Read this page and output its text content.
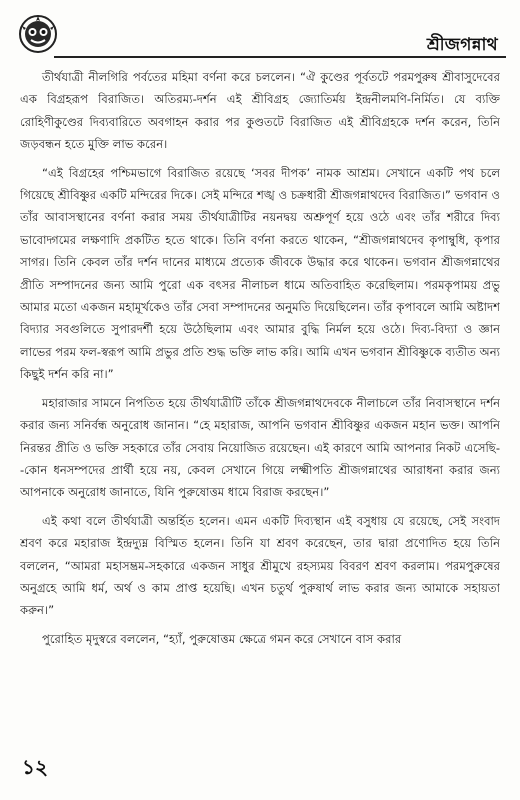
শ্রীজগন্নাথ

তীর্থযাত্রী নীলগিরি পর্বতের মহিমা বর্ণনা করে চললেন। “ঐ কুণ্ডের পূর্বতটে পরমপুরুষ শ্রীবাসুদেবের এক বিগ্রহরূপ বিরাজিত। অতিরম্য-দর্শন এই শ্রীবিগ্রহ জ্যোতির্ময় ইন্দ্রনীলমণি-নির্মিত। যে ব্যক্তি রোহিণীকুণ্ডের দিব্যবারিতে অবগাহন করার পর কুণ্ডতটে বিরাজিত এই শ্রীবিগ্রহকে দর্শন করেন, তিনি জড়বন্ধন হতে মুক্তি লাভ করেন।

“এই বিগ্রহের পশ্চিমভাগে বিরাজিত রয়েছে ‘সবর দীপক’ নামক আশ্রম। সেখানে একটি পথ চলে গিয়েছে শ্রীবিষ্ণুর একটি মন্দিরের দিকে। সেই মন্দিরে শঙ্খ ও চক্রধারী শ্রীজগন্নাথদেব বিরাজিত।” ভগবান ও তাঁর আবাসস্থানের বর্ণনা করার সময় তীর্থযাত্রীটির নয়নদ্বয় অশ্রুপূর্ণ হয়ে ওঠে এবং তাঁর শরীরে দিব্য ভাবোদ্গমের লক্ষণাদি প্রকটিত হতে থাকে। তিনি বর্ণনা করতে থাকেন, “শ্রীজগন্নাথদেব কৃপাম্বুধি, কৃপার সাগর। তিনি কেবল তাঁর দর্শন দানের মাধ্যমে প্রত্যেক জীবকে উদ্ধার করে থাকেন। ভগবান শ্রীজগন্নাথের প্রীতি সম্পাদনের জন্য আমি পুরো এক বৎসর নীলাচল ধামে অতিবাহিত করেছিলাম। পরমকৃপাময় প্রভু আমার মতো একজন মহামূর্খকেও তাঁর সেবা সম্পাদনের অনুমতি দিয়েছিলেন। তাঁর কৃপাবলে আমি অষ্টাদশ বিদ্যার সবগুলিতে সুপারদর্শী হয়ে উঠেছিলাম এবং আমার বুদ্ধি নির্মল হয়ে ওঠে। দিব্য-বিদ্যা ও জ্ঞান লাভের পরম ফল-স্বরূপ আমি প্রভুর প্রতি শুদ্ধ ভক্তি লাভ করি। আমি এখন ভগবান শ্রীবিষ্ণুকে ব্যতীত অন্য কিছুই দর্শন করি না।”

মহারাজার সামনে নিপতিত হয়ে তীর্থযাত্রীটি তাঁকে শ্রীজগন্নাথদেবকে নীলাচলে তাঁর নিবাসস্থানে দর্শন করার জন্য সনির্বন্ধ অনুরোধ জানান। “হে মহারাজ, আপনি ভগবান শ্রীবিষ্ণুর একজন মহান ভক্ত। আপনি নিরন্তর প্রীতি ও ভক্তি সহকারে তাঁর সেবায় নিয়োজিত রয়েছেন। এই কারণে আমি আপনার নিকট এসেছি--কোন ধনসম্পদের প্রার্থী হয়ে নয়, কেবল সেখানে গিয়ে লক্ষ্মীপতি শ্রীজগন্নাথের আরাধনা করার জন্য আপনাকে অনুরোধ জানাতে, যিনি পুরুষোত্তম ধামে বিরাজ করছেন।”

এই কথা বলে তীর্থযাত্রী অন্তর্হিত হলেন। এমন একটি দিব্যস্থান এই বসুধায় যে রয়েছে, সেই সংবাদ শ্রবণ করে মহারাজ ইন্দ্রদ্যুম্ন বিস্মিত হলেন। তিনি যা শ্রবণ করেছেন, তার দ্বারা প্রণোদিত হয়ে তিনি বললেন, “আমরা মহাসম্ভ্রম-সহকারে একজন সাধুর শ্রীমুখে রহস্যময় বিবরণ শ্রবণ করলাম। পরমপুরুষের অনুগ্রহে আমি ধর্ম, অর্থ ও কাম প্রাপ্ত হয়েছি। এখন চতুর্থ পুরুষার্থ লাভ করার জন্য আমাকে সহায়তা করুন।”

পুরোহিত মৃদুস্বরে বললেন, “হ্যাঁ, পুরুষোত্তম ক্ষেত্রে গমন করে সেখানে বাস করার

১২
